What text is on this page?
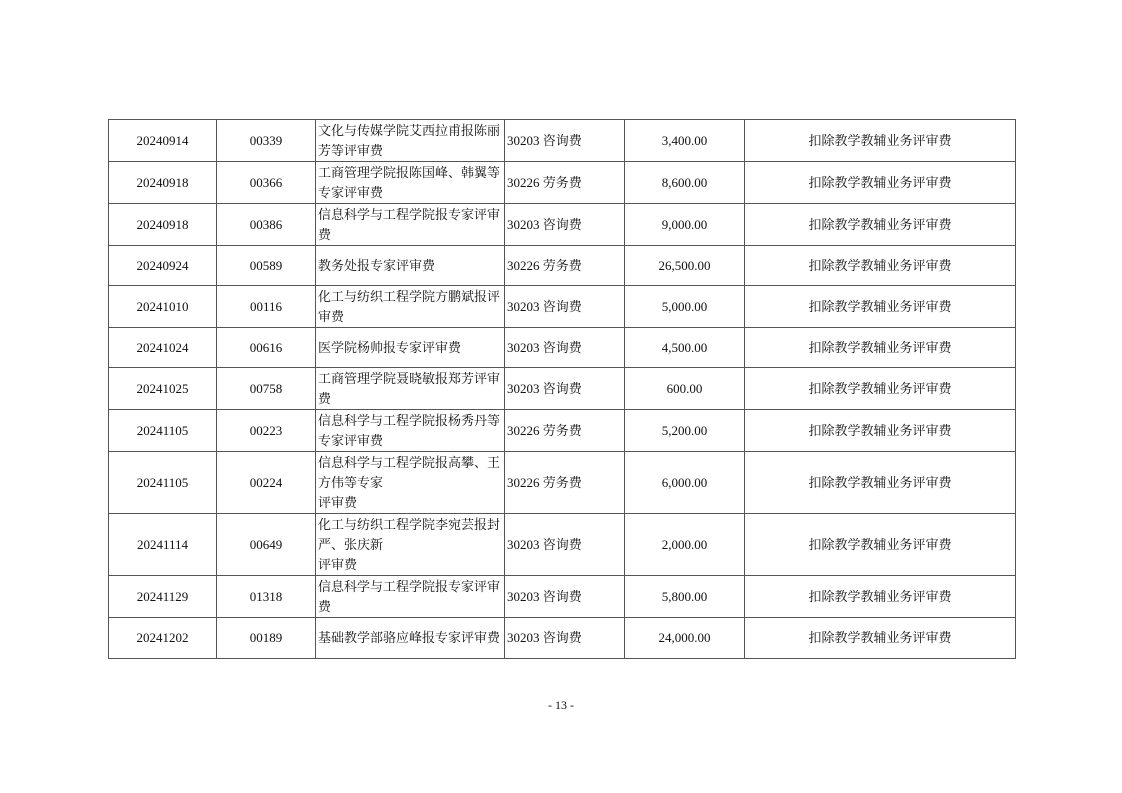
20240914	00339	文化与传媒学院艾西拉甫报陈丽芳等评审费	30203 咨询费	3,400.00	扣除教学教辅业务评审费
20240918	00366	工商管理学院报陈国峰、韩翼等专家评审费	30226 劳务费	8,600.00	扣除教学教辅业务评审费
20240918	00386	信息科学与工程学院报专家评审费	30203 咨询费	9,000.00	扣除教学教辅业务评审费
20240924	00589	教务处报专家评审费	30226 劳务费	26,500.00	扣除教学教辅业务评审费
20241010	00116	化工与纺织工程学院方鹏斌报评审费	30203 咨询费	5,000.00	扣除教学教辅业务评审费
20241024	00616	医学院杨帅报专家评审费	30203 咨询费	4,500.00	扣除教学教辅业务评审费
20241025	00758	工商管理学院聂晓敏报郑芳评审费	30203 咨询费	600.00	扣除教学教辅业务评审费
20241105	00223	信息科学与工程学院报杨秀丹等专家评审费	30226 劳务费	5,200.00	扣除教学教辅业务评审费
20241105	00224	信息科学与工程学院报高攀、王方伟等专家
评审费	30226 劳务费	6,000.00	扣除教学教辅业务评审费
20241114	00649	化工与纺织工程学院李宛芸报封严、张庆新
评审费	30203 咨询费	2,000.00	扣除教学教辅业务评审费
20241129	01318	信息科学与工程学院报专家评审费	30203 咨询费	5,800.00	扣除教学教辅业务评审费
20241202	00189	基础教学部骆应峰报专家评审费	30203 咨询费	24,000.00	扣除教学教辅业务评审费
- 13 -
